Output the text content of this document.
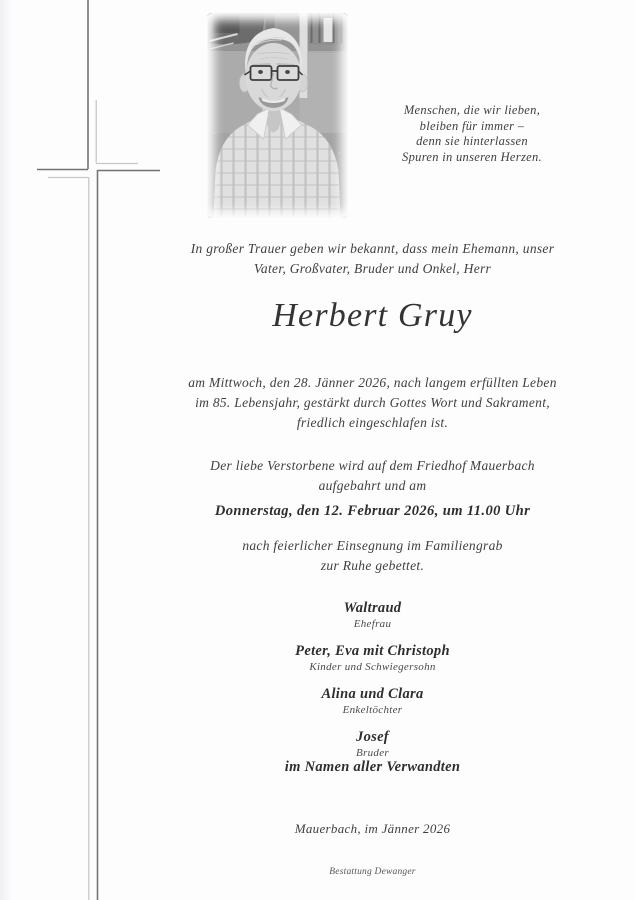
Menschen, die wir lieben,
bleiben für immer –
denn sie hinterlassen
Spuren in unseren Herzen.
In großer Trauer geben wir bekannt, dass mein Ehemann, unser
Vater, Großvater, Bruder und Onkel, Herr
Herbert Gruy
am Mittwoch, den 28. Jänner 2026, nach langem erfüllten Leben
im 85. Lebensjahr, gestärkt durch Gottes Wort und Sakrament,
friedlich eingeschlafen ist.
Der liebe Verstorbene wird auf dem Friedhof Mauerbach
aufgebahrt und am
Donnerstag, den 12. Februar 2026, um 11.00 Uhr
nach feierlicher Einsegnung im Familiengrab
zur Ruhe gebettet.
Waltraud
Ehefrau
Peter, Eva mit Christoph
Kinder und Schwiegersohn
Alina und Clara
Enkeltöchter
Josef
Bruder
im Namen aller Verwandten
Mauerbach, im Jänner 2026
Bestattung Dewanger
